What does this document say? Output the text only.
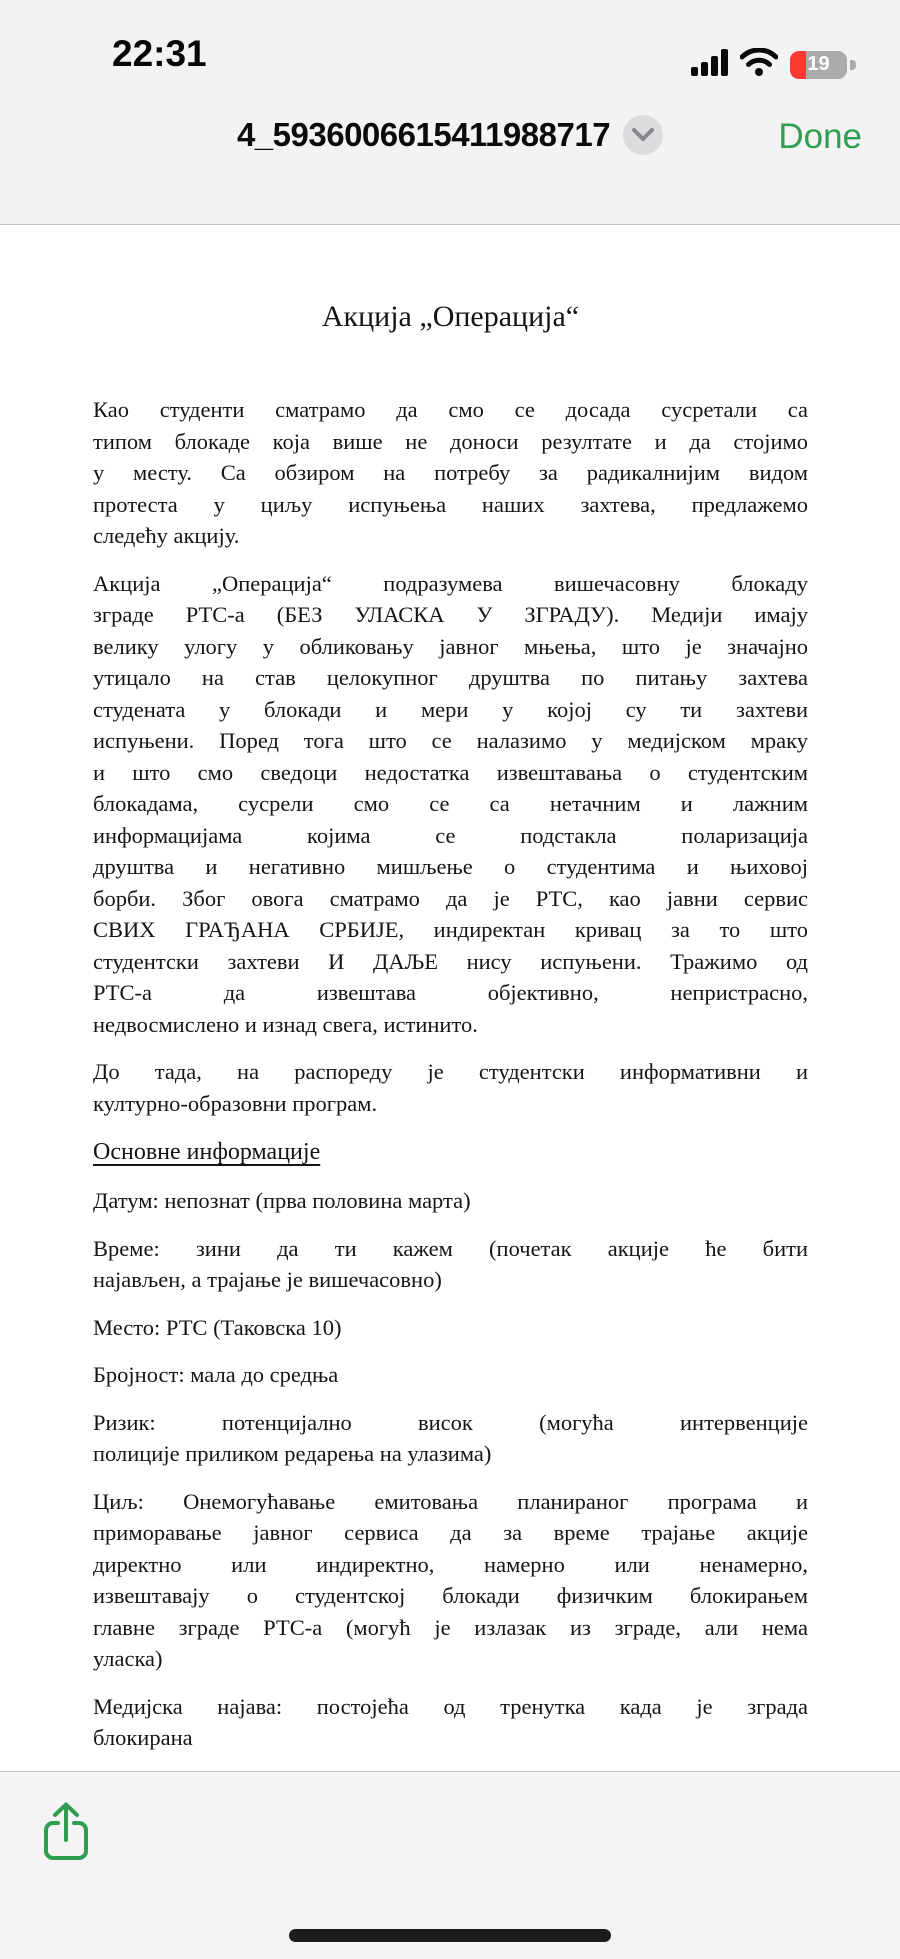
22:31	19
4_5936006615411988717	Done
Акција „Операција“
Као студенти сматрамо да смо се досада сусретали са
типом блокаде која више не доноси резултате и да стојимо
у месту. Са обзиром на потребу за радикалнијим видом
протеста у циљу испуњења наших захтева, предлажемо
следећу акцију.
Акција „Операција“ подразумева вишечасовну блокаду
зграде РТС-а (БЕЗ УЛАСКА У ЗГРАДУ). Медији имају
велику улогу у обликовању јавног мњења, што је значајно
утицало на став целокупног друштва по питању захтева
студената у блокади и мери у којој су ти захтеви
испуњени. Поред тога што се налазимо у медијском мраку
и што смо сведоци недостатка извештавања о студентским
блокадама, сусрели смо се са нетачним и лажним
информацијама којима се подстакла поларизација
друштва и негативно мишљење о студентима и њиховој
борби. Због овога сматрамо да је РТС, као јавни сервис
СВИХ ГРАЂАНА СРБИЈЕ, индиректан кривац за то што
студентски захтеви И ДАЉЕ нису испуњени. Тражимо од
РТС-а да извештава објективно, непристрасно,
недвосмислено и изнад свега, истинито.
До тада, на распореду је студентски информативни и
културно-образовни програм.
Основне информације
Датум: непознат (прва половина марта)
Време: зини да ти кажем (почетак акције ће бити
најављен, а трајање је вишечасовно)
Место: РТС (Таковска 10)
Бројност: мала до средња
Ризик: потенцијално висок (могућа интервенције
полиције приликом редарења на улазима)
Циљ: Онемогућавање емитовања планираног програма и
приморавање јавног сервиса да за време трајање акције
директно или индиректно, намерно или ненамерно,
извештавају о студентској блокади физичким блокирањем
главне зграде РТС-а (могућ је излазак из зграде, али нема
уласка)
Медијска најава: постојећа од тренутка када је зграда
блокирана
